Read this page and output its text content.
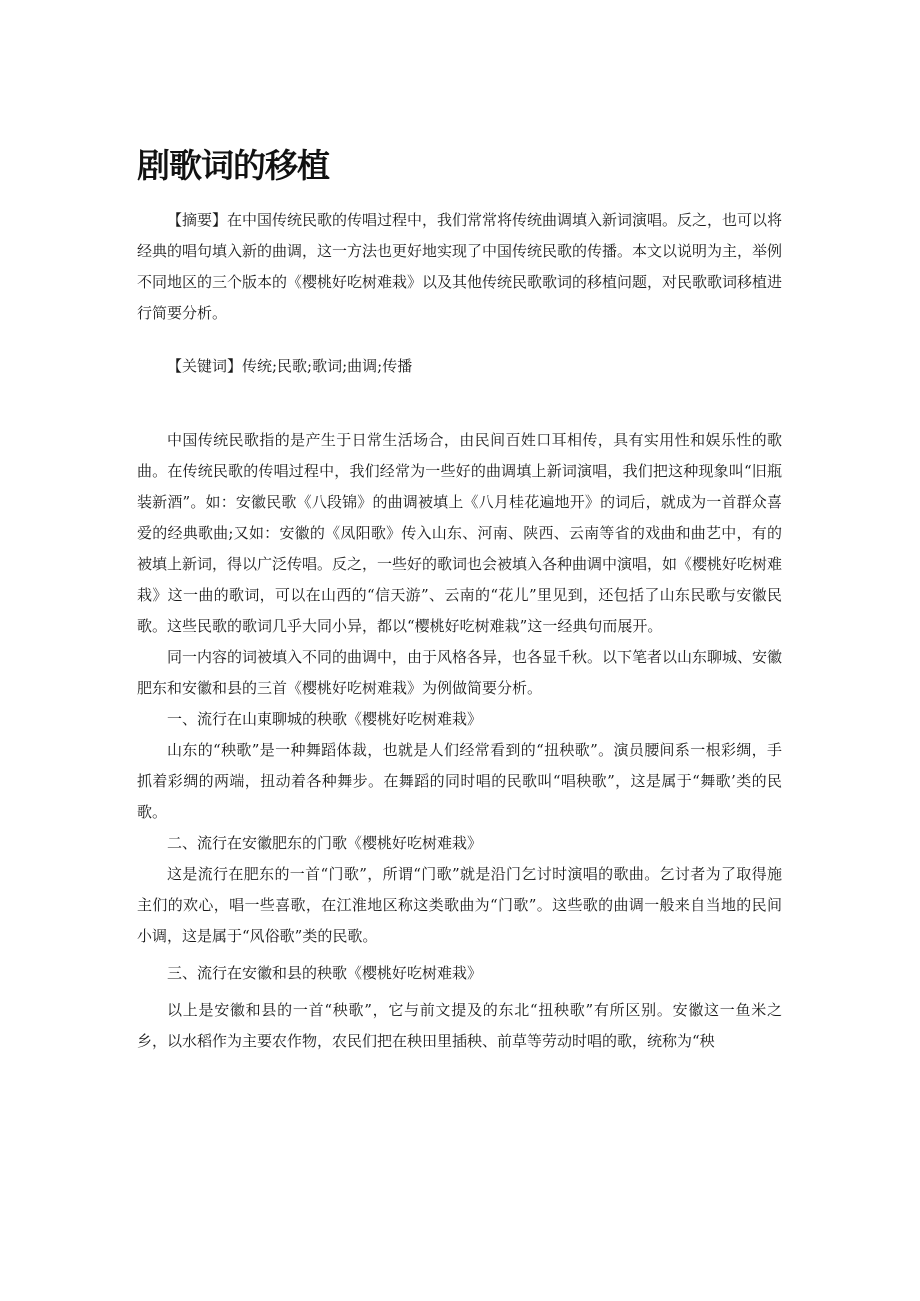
剧歌词的移植

【摘要】在中国传统民歌的传唱过程中，我们常常将传统曲调填入新词演唱。反之，也可以将经典的唱句填入新的曲调，这一方法也更好地实现了中国传统民歌的传播。本文以说明为主，举例不同地区的三个版本的《樱桃好吃树难栽》以及其他传统民歌歌词的移植问题，对民歌歌词移植进行简要分析。

【关键词】传统;民歌;歌词;曲调;传播

中国传统民歌指的是产生于日常生活场合，由民间百姓口耳相传，具有实用性和娱乐性的歌曲。在传统民歌的传唱过程中，我们经常为一些好的曲调填上新词演唱，我们把这种现象叫“旧瓶装新酒”。如：安徽民歌《八段锦》的曲调被填上《八月桂花遍地开》的词后，就成为一首群众喜爱的经典歌曲;又如：安徽的《凤阳歌》传入山东、河南、陕西、云南等省的戏曲和曲艺中，有的被填上新词，得以广泛传唱。反之，一些好的歌词也会被填入各种曲调中演唱，如《樱桃好吃树难栽》这一曲的歌词，可以在山西的“信天游”、云南的“花儿”里见到，还包括了山东民歌与安徽民歌。这些民歌的歌词几乎大同小异，都以“樱桃好吃树难栽”这一经典句而展开。

同一内容的词被填入不同的曲调中，由于风格各异，也各显千秋。以下笔者以山东聊城、安徽肥东和安徽和县的三首《樱桃好吃树难栽》为例做简要分析。

一、流行在山東聊城的秧歌《樱桃好吃树难栽》

山东的“秧歌”是一种舞蹈体裁，也就是人们经常看到的“扭秧歌”。演员腰间系一根彩绸，手抓着彩绸的两端，扭动着各种舞步。在舞蹈的同时唱的民歌叫“唱秧歌”，这是属于“舞歌’类的民歌。

二、流行在安徽肥东的门歌《樱桃好吃树难栽》

这是流行在肥东的一首“门歌”，所谓“门歌”就是沿门乞讨时演唱的歌曲。乞讨者为了取得施主们的欢心，唱一些喜歌，在江淮地区称这类歌曲为“门歌”。这些歌的曲调一般来自当地的民间小调，这是属于“风俗歌”类的民歌。

三、流行在安徽和县的秧歌《樱桃好吃树难栽》

以上是安徽和县的一首“秧歌”，它与前文提及的东北“扭秧歌”有所区别。安徽这一鱼米之乡，以水稻作为主要农作物，农民们把在秧田里插秧、前草等劳动时唱的歌，统称为“秧
